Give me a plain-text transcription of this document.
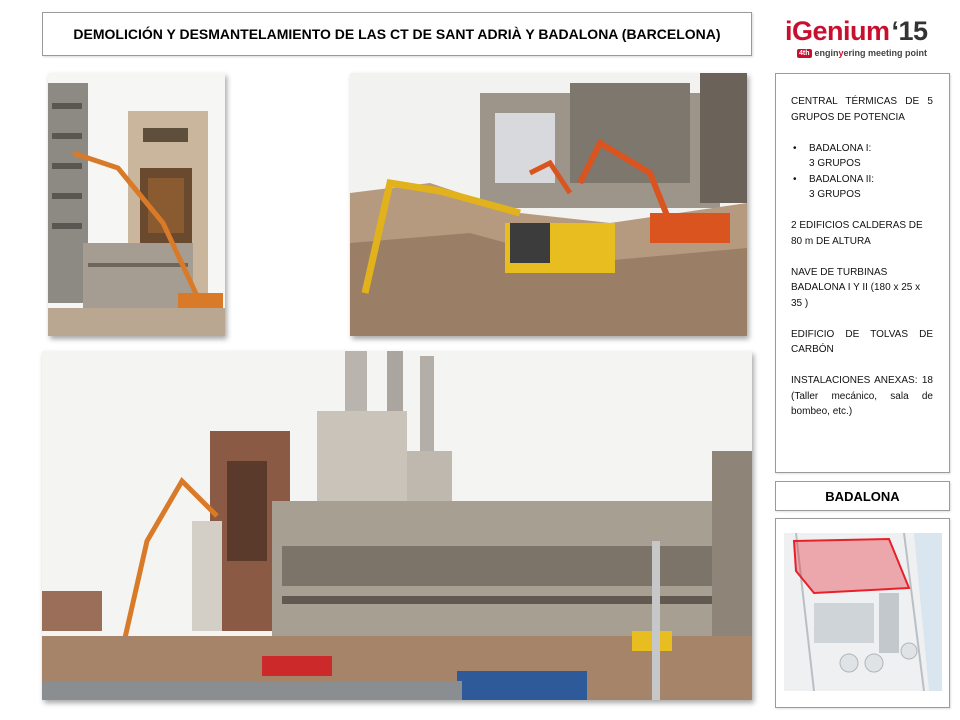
DEMOLICIÓN Y DESMANTELAMIENTO DE LAS CT DE SANT ADRIÀ Y BADALONA (BARCELONA) iGenium‘15
4th enginyering meeting point

CENTRAL TÉRMICAS DE 5 GRUPOS DE POTENCIA

• BADALONA I:
3 GRUPOS
• BADALONA II:
3 GRUPOS

2 EDIFICIOS CALDERAS DE 80 m DE ALTURA

NAVE DE TURBINAS BADALONA I Y II (180 x 25 x 35 )

EDIFICIO DE TOLVAS DE CARBÓN

INSTALACIONES ANEXAS: 18 (Taller mecánico, sala de bombeo, etc.)

BADALONA
